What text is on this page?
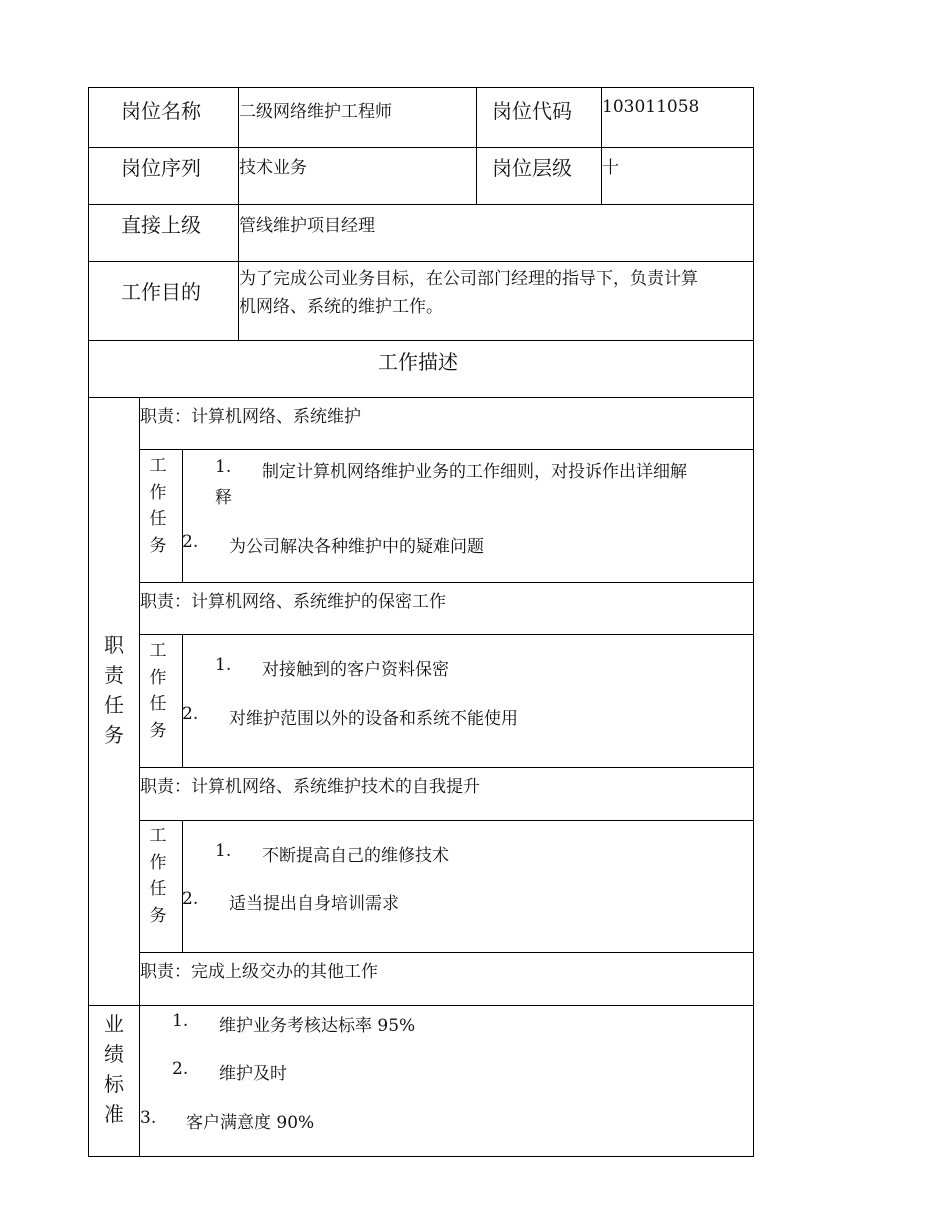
岗位名称 二级网络维护工程师	岗位代码 103011058
岗位序列 技术业务	岗位层级 十
直接上级 管线维护项目经理
工作目的
为了完成公司业务目标，在公司部门经理的指导下，负责计算
机网络、系统的维护工作。
工作描述
职
责
任
务
职责：计算机网络、系统维护
工
作
任
务
1. 制定计算机网络维护业务的工作细则，对投诉作出详细解
释
2. 为公司解决各种维护中的疑难问题
职责：计算机网络、系统维护的保密工作
工
作
任
务
1. 对接触到的客户资料保密
2. 对维护范围以外的设备和系统不能使用
职责：计算机网络、系统维护技术的自我提升
工
作
任
务
1. 不断提高自己的维修技术
2. 适当提出自身培训需求
职责：完成上级交办的其他工作
业
绩
标
准
1. 维护业务考核达标率 95%
2. 维护及时
3. 客户满意度 90%
